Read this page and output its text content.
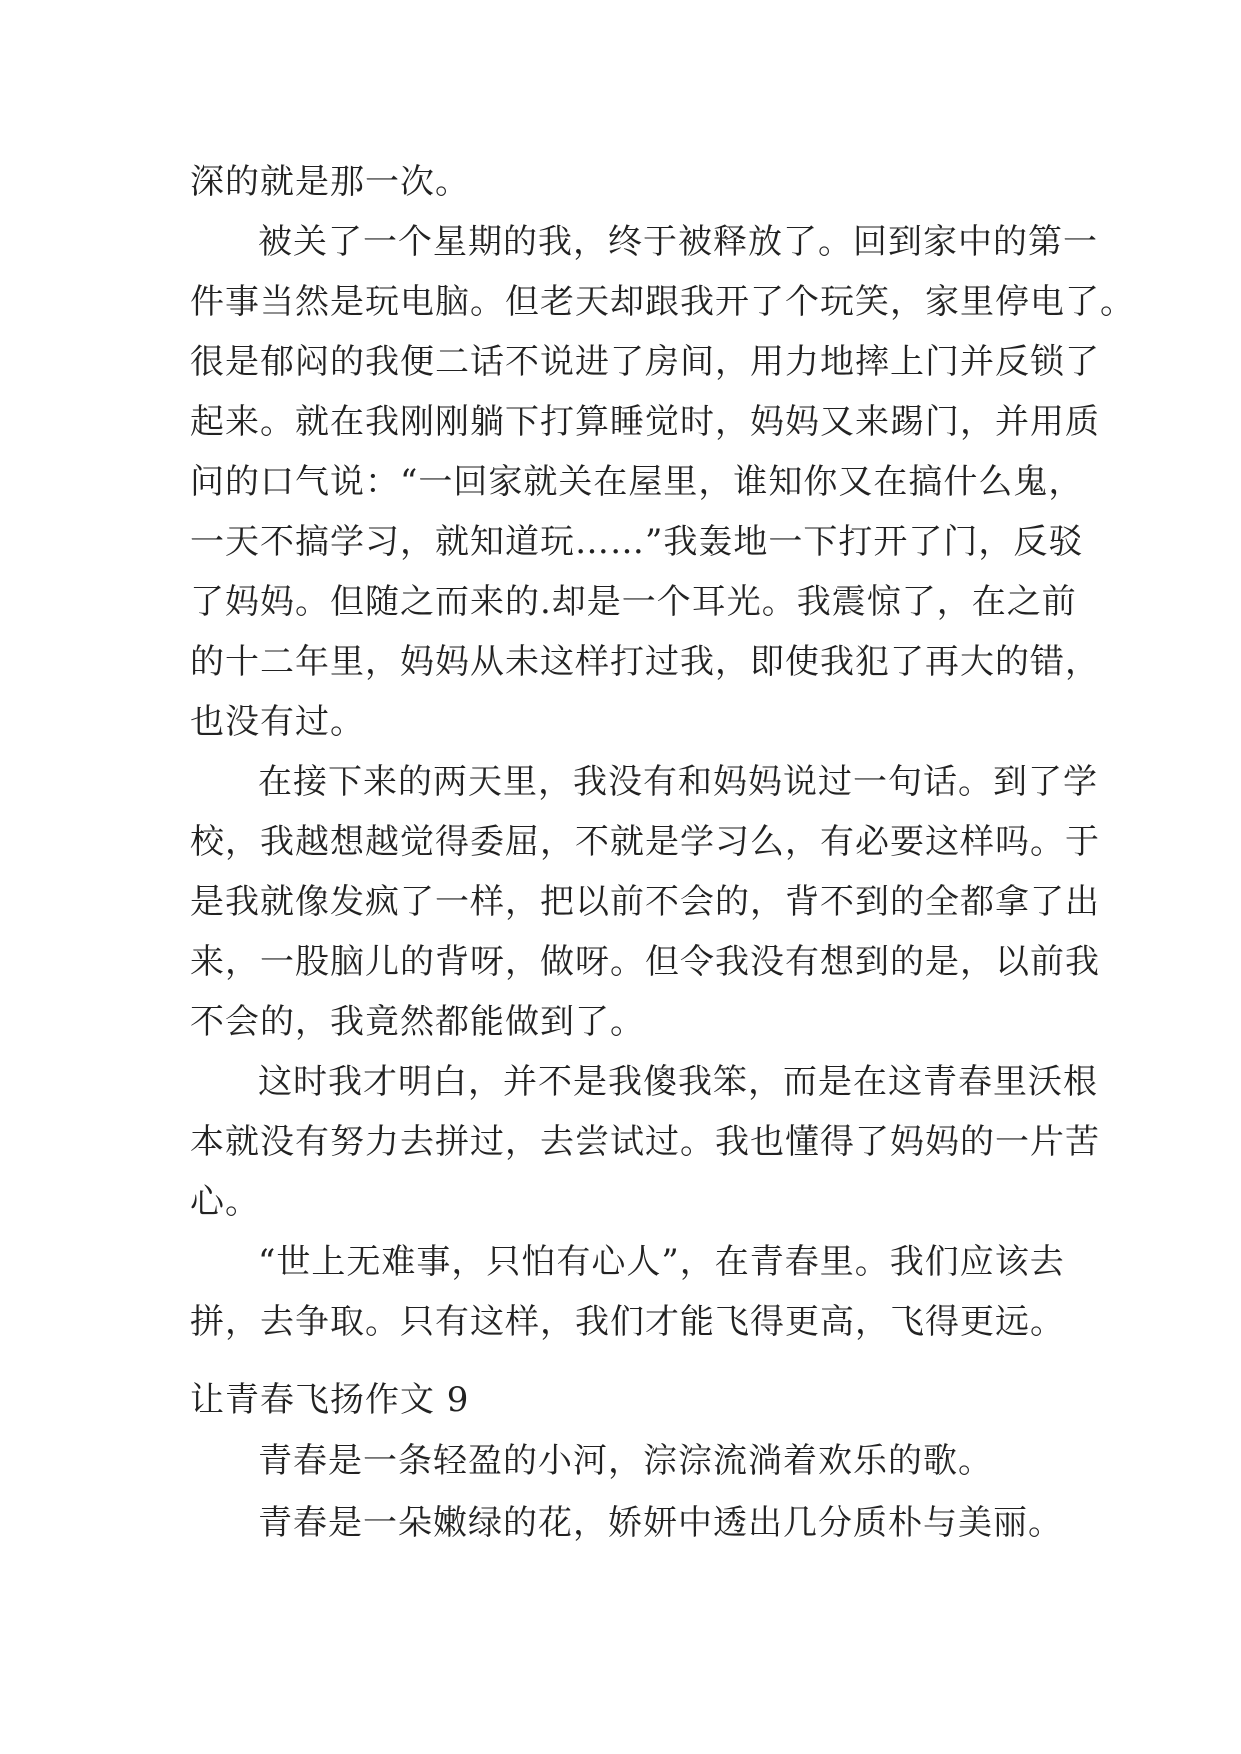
深的就是那一次。
被关了一个星期的我，终于被释放了。回到家中的第一
件事当然是玩电脑。但老天却跟我开了个玩笑，家里停电了。
很是郁闷的我便二话不说进了房间，用力地摔上门并反锁了
起来。就在我刚刚躺下打算睡觉时，妈妈又来踢门，并用质
问的口气说：“一回家就关在屋里，谁知你又在搞什么鬼，
一天不搞学习，就知道玩……”我轰地一下打开了门，反驳
了妈妈。但随之而来的.却是一个耳光。我震惊了，在之前
的十二年里，妈妈从未这样打过我，即使我犯了再大的错，
也没有过。
在接下来的两天里，我没有和妈妈说过一句话。到了学
校，我越想越觉得委屈，不就是学习么，有必要这样吗。于
是我就像发疯了一样，把以前不会的，背不到的全都拿了出
来，一股脑儿的背呀，做呀。但令我没有想到的是，以前我
不会的，我竟然都能做到了。
这时我才明白，并不是我傻我笨，而是在这青春里沃根
本就没有努力去拼过，去尝试过。我也懂得了妈妈的一片苦
心。
“世上无难事，只怕有心人”，在青春里。我们应该去
拼，去争取。只有这样，我们才能飞得更高，飞得更远。
让青春飞扬作文 9
青春是一条轻盈的小河，淙淙流淌着欢乐的歌。
青春是一朵嫩绿的花，娇妍中透出几分质朴与美丽。
